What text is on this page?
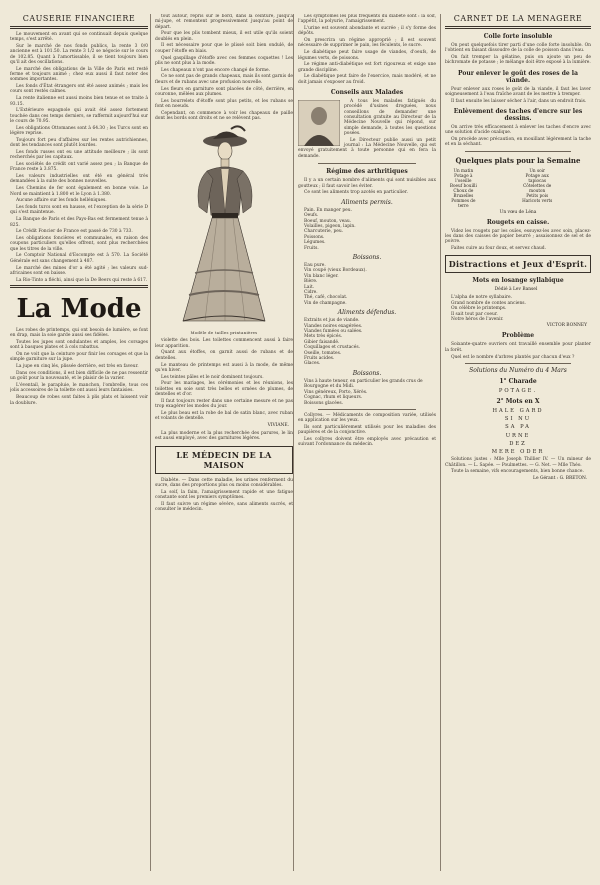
CAUSERIE FINANCIÈRE
Le mouvement en avant qui se continuait depuis quelque temps, s'est arrêté.
Sur le marché de nos fonds publics, la rente 3 0/0 ancienne est à 101.50. La rente 3 1/2 se négocie sur le cours de 102.85. Quant à l'amortissable, il se tient toujours bien qu'il ait des oscillations.
Le marché des obligations de la Ville de Paris est resté ferme et toujours animé ; chez eux aussi il faut noter des sommes importantes.
Les fonds d'État étrangers ont été assez animés ; mais les cours sont restés calmes.
La rente italienne est aussi moins bien tenue et se traite à 93.15.
L'Extérieure espagnole qui avait été assez fortement touchée dans ces temps derniers, se raffermit aujourd'hui sur le cours de 70.95.
Les obligations Ottomanes sont à 64.30 ; les Turcs sont en légère reprise.
Toujours fort peu d'affaires sur les rentes autrichiennes, dont les tendances sont plutôt lourdes.
Les fonds russes ont eu une attitude meilleure ; ils sont recherchés par les capitaux.
Les sociétés de crédit ont varié assez peu ; la Banque de France reste à 3.875.
Les valeurs industrielles ont été en général très demandées à la suite des bonnes nouvelles.
Les Chemins de fer sont également en bonne voie. Le Nord se maintient à 1.800 et le Lyon à 1.380.
Aucune affaire sur les fonds helléniques.
Les fonds turcs sont en hausse, et l'exception de la série D qui s'est maintenue.
La Banque de Paris et des Pays-Bas est fermement tenue à 825.
Le Crédit Foncier de France est passé de 730 à 733.
Les obligations foncières et communales, en raison des coupons particuliers qu'elles offrent, sont plus recherchées que les titres de la ville.
Le Comptoir National d'Escompte est à 570. La Société Générale est sans changement à 487.
Le marché des mines d'or a été agité ; les valeurs sud-africaines sont en baisse.
La Rio-Tinto a fléchi, ainsi que la De Beers qui reste à 617.
La Mode
Les robes de printemps, qui ont besoin de lumière, se font en drap, mais la soie garde aussi ses fidèles.
Toutes les jupes sont ondulantes et amples, les corsages sont à basques plates et à cols rabattus.
On ne voit que la ceinture pour finir les corsages et que la simple garniture sur la jupe.
La jupe en cinq lés, plissée derrière, est très en faveur.
Dans ces conditions, il est bien difficile de ne pas ressentir un goût pour la nouveauté, et le plaisir de la varier.
L'éventail, le parapluie, le manchon, l'ombrelle, tous ces jolis accessoires de la toilette ont aussi leurs fantaisies.
Beaucoup de robes sont faites à plis plats et laissent voir la doublure.
tout autour, repris sur le bord, dans la ceinture, jusqu'à mi-jupe, et remontent progressivement jusqu'au point de départ.
Pour que les plis tombent mieux, il est utile qu'ils soient doublés en plein.
Il est nécessaire pour que le plissé soit bien ondulé, de couper l'étoffe en biais.
Quel gaspillage d'étoffe avec ces femmes coquettes ! Les plis ne sont plus à la mode.
Les chapeaux n'ont pas encore changé de forme.
Ce ne sont pas de grands chapeaux, mais ils sont garnis de fleurs et de rubans avec une profusion nouvelle.
Les fleurs en garniture sont placées de côté, derrière, en couronne, mêlées aux plumes.
Les bourrelets d'étoffe sont plus petits, et les rubans se font en noeuds.
Cependant, on commence à voir les chapeaux de paille dont les bords sont droits et ne se relèvent pas.
Modèle de tailles printanières
violette des bois. Les toilettes commencent aussi à faire leur apparition.
Quant aux étoffes, on garnit aussi de rubans et de dentelles.
Le manteau de printemps est aussi à la mode, de même qu'en hiver.
Les teintes pâles et le noir dominent toujours.
Pour les mariages, les cérémonies et les réunions, les toilettes en soie sont très belles et ornées de plumes, de dentelles et d'or.
Il faut toujours rester dans une certaine mesure et ne pas trop exagérer les modes du jour.
Le plus beau est la robe de bal de satin blanc, avec ruban et volants de dentelle.
VIVIANE.
La plus moderne et la plus recherchée des parures, le lin est aussi employé, avec des garnitures légères.
LE MÉDECIN DE LA MAISON
Diabète. — Dans cette maladie, les urines renferment du sucre, dans des proportions plus ou moins considérables.
La soif, la faim, l'amaigrissement rapide et une fatigue constante sont les premiers symptômes.
Il faut suivre un régime sévère, sans aliments sucrés, et consulter le médecin.
Les symptômes les plus fréquents du diabète sont : la soif, l'appétit, la polyurie, l'amaigrissement.
L'urine est souvent abondante et sucrée ; il s'y forme des dépôts.
On prescrira un régime approprié ; il est souvent nécessaire de supprimer le pain, les féculents, le sucre.
Le diabétique peut faire usage de viandes, d'oeufs, de légumes verts, de poissons.
Le régime anti-diabétique est fort rigoureux et exige une grande discipline.
Le diabétique peut faire de l'exercice, mais modéré, et ne doit jamais s'exposer au froid.
Conseils aux Malades
A tous les malades fatigués du procédé d'usines droguées, nous conseillons de demander une consultation gratuite au Directeur de la Médecine Nouvelle qui répond, sur simple demande, à toutes les questions posées.
Le Directeur publie aussi un petit journal : La Médecine Nouvelle, qui est envoyé gratuitement à toute personne qui en fera la demande.
Régime des arthritiques
Il y a un certain nombre d'aliments qui sont nuisibles aux goutteux ; il faut savoir les éviter.
Ce sont les aliments trop azotés en particulier.
Aliments permis.
Pain. En manger peu.
Oeufs.
Boeuf, mouton, veau.
Volailles, pigeon, lapin.
Charcuterie, peu.
Poissons.
Légumes.
Fruits.
Boissons.
Eau pure.
Vin coupé (vieux Bordeaux).
Vin blanc léger.
Bière.
Lait.
Cidre.
Thé, café, chocolat.
Vin de champagne.
Aliments défendus.
Extraits et jus de viande.
Viandes noires exagérées.
Viandes fumées ou salées.
Mets très épicés.
Gibier faisandé.
Coquillages et crustacés.
Oseille, tomates.
Fruits acides.
Glaces.
Boissons.
Vins à haute teneur, en particulier les grands crus de Bourgogne et du Midi.
Vins généreux, Porto, Xérès.
Cognac, rhum et liqueurs.
Boissons glacées.
Collyres. — Médicaments de composition variée, utilisés en application sur les yeux.
Ils sont particulièrement utilisés pour les maladies des paupières et de la conjonctive.
Les collyres doivent être employés avec précaution et suivant l'ordonnance du médecin.
CARNET DE LA MÉNAGÈRE
Colle forte insoluble
On peut quelquefois tirer parti d'une colle forte insoluble. On l'obtient en faisant dissoudre de la colle de poisson dans l'eau.
On fait tremper la gélatine, puis on ajoute un peu de bichromate de potasse ; le mélange doit être exposé à la lumière.
Pour enlever le goût des roses de la viande.
Pour enlever aux roses le goût de la viande, il faut les laver soigneusement à l'eau fraîche avant de les mettre à tremper.
Il faut ensuite les laisser sécher à l'air, dans un endroit frais.
Enlèvement des taches d'encre sur les dessins.
On arrive très efficacement à enlever les taches d'encre avec une solution d'acide oxalique.
On procède avec précaution, en mouillant légèrement la tache et en la séchant.
Quelques plats pour la Semaine
Un matin
Potage à l'oseille
Boeuf bouilli
Choux de Bruxelles
Pommes de terre
Un soir
Potage aux tapiocas
Côtelettes de mouton
Petits pois
Haricots verts
Un vœu de Léna
Rougets en caisse.
Videz les rougets par les ouïes, essuyez-les avec soin, placez-les dans des caisses de papier beurré ; assaisonnez de sel et de poivre.
Faites cuire au four doux, et servez chaud.
Distractions et Jeux d'Esprit.
Mots en losange syllabique
Dédié à Lev Bansel
L'alpha de notre syllabaire.
Grand nombre de contes anciens.
On célèbre le printemps.
Il sait tout par coeur.
Notre héros de l'avenir.
VICTOR BONNEY
Problème
Soixante-quatre ouvriers ont travaillé ensemble pour planter la forêt.
Quel est le nombre d'arbres plantés par chacun d'eux ?
Solutions du Numéro du 4 Mars
1° Charade
POTAGE.
2° Mots en X
HALE GARD
SI NU
SA PA
URNE
DEZ
MERE ODER
Solutions justes : Mlle Joseph Thillier IV. — Un mineur de Châtillon. — L. Sapée. — Poulmettes. — G. Net. — Mlle Théo.
Toute la semaine, vifs encouragements, bien bonne chance.
Le Gérant : G. BRETON.
